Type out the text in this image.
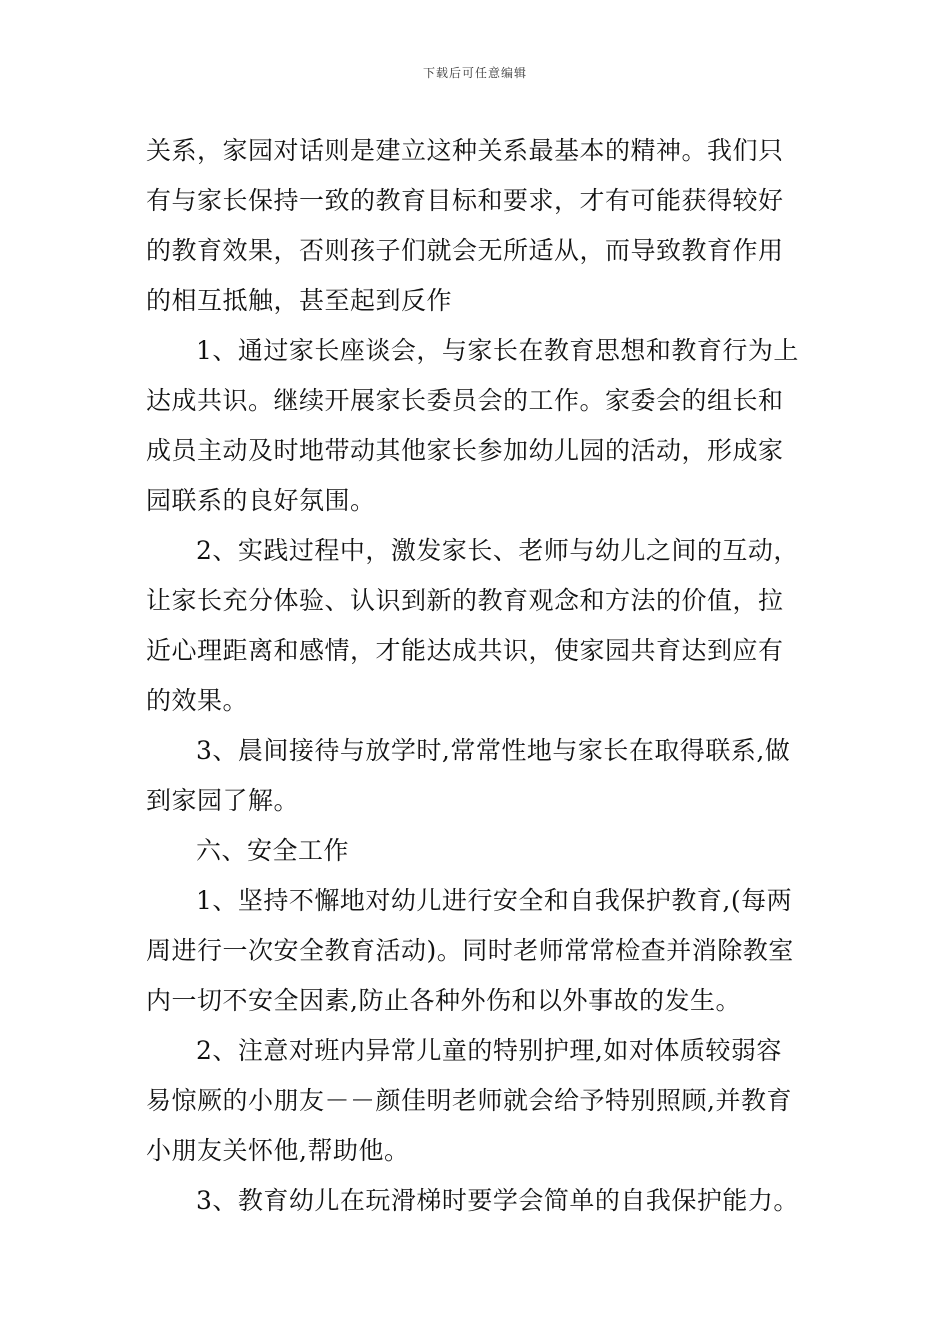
下载后可任意编辑
关系，家园对话则是建立这种关系最基本的精神。我们只
有与家长保持一致的教育目标和要求，才有可能获得较好
的教育效果，否则孩子们就会无所适从，而导致教育作用
的相互抵触，甚至起到反作
1、通过家长座谈会，与家长在教育思想和教育行为上
达成共识。继续开展家长委员会的工作。家委会的组长和
成员主动及时地带动其他家长参加幼儿园的活动，形成家
园联系的良好氛围。
2、实践过程中，激发家长、老师与幼儿之间的互动，
让家长充分体验、认识到新的教育观念和方法的价值，拉
近心理距离和感情，才能达成共识，使家园共育达到应有
的效果。
3、晨间接待与放学时,常常性地与家长在取得联系,做
到家园了解。
六、安全工作
1、坚持不懈地对幼儿进行安全和自我保护教育,(每两
周进行一次安全教育活动)。同时老师常常检查并消除教室
内一切不安全因素,防止各种外伤和以外事故的发生。
2、注意对班内异常儿童的特别护理,如对体质较弱容
易惊厥的小朋友－－颜佳明老师就会给予特别照顾,并教育
小朋友关怀他,帮助他。
3、教育幼儿在玩滑梯时要学会简单的自我保护能力。
